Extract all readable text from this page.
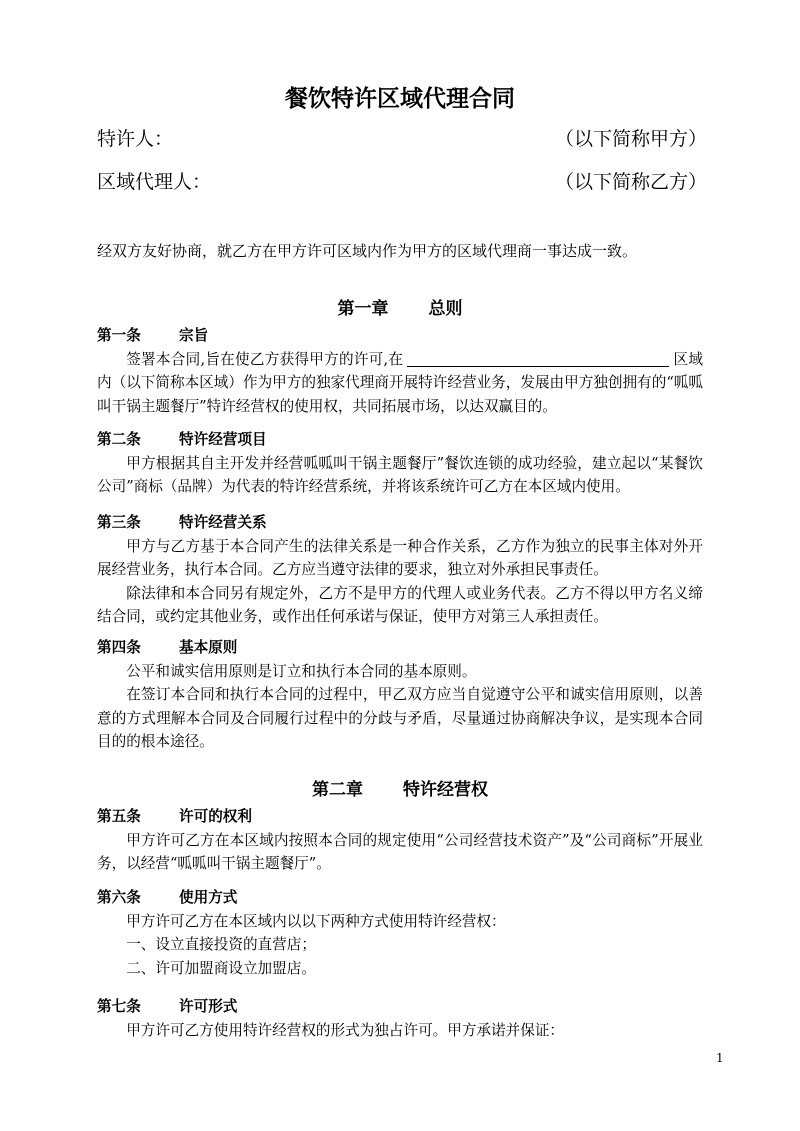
餐饮特许区域代理合同
特许人：	（以下简称甲方）
区域代理人：	（以下简称乙方）
经双方友好协商，就乙方在甲方许可区域内作为甲方的区域代理商一事达成一致。
第一章 总则
第一条	宗旨
签署本合同,旨在使乙方获得甲方的许可,在	区域内（以下简称本区域）作为甲方的独家代理商开展特许经营业务，发展由甲方独创拥有的“呱呱叫干锅主题餐厅”特许经营权的使用权，共同拓展市场，以达双赢目的。
第二条	特许经营项目
甲方根据其自主开发并经营呱呱叫干锅主题餐厅”餐饮连锁的成功经验，建立起以“某餐饮公司”商标（品牌）为代表的特许经营系统，并将该系统许可乙方在本区域内使用。
第三条	特许经营关系
甲方与乙方基于本合同产生的法律关系是一种合作关系，乙方作为独立的民事主体对外开展经营业务，执行本合同。乙方应当遵守法律的要求，独立对外承担民事责任。
除法律和本合同另有规定外，乙方不是甲方的代理人或业务代表。乙方不得以甲方名义缔结合同，或约定其他业务，或作出任何承诺与保证，使甲方对第三人承担责任。
第四条	基本原则
公平和诚实信用原则是订立和执行本合同的基本原则。
在签订本合同和执行本合同的过程中，甲乙双方应当自觉遵守公平和诚实信用原则，以善意的方式理解本合同及合同履行过程中的分歧与矛盾，尽量通过协商解决争议，是实现本合同目的的根本途径。
第二章 特许经营权
第五条	许可的权利
甲方许可乙方在本区域内按照本合同的规定使用“公司经营技术资产”及“公司商标”开展业务，以经营“呱呱叫干锅主题餐厅”。
第六条	使用方式
甲方许可乙方在本区域内以以下两种方式使用特许经营权：
一、设立直接投资的直营店；
二、许可加盟商设立加盟店。
第七条	许可形式
甲方许可乙方使用特许经营权的形式为独占许可。甲方承诺并保证：
1
